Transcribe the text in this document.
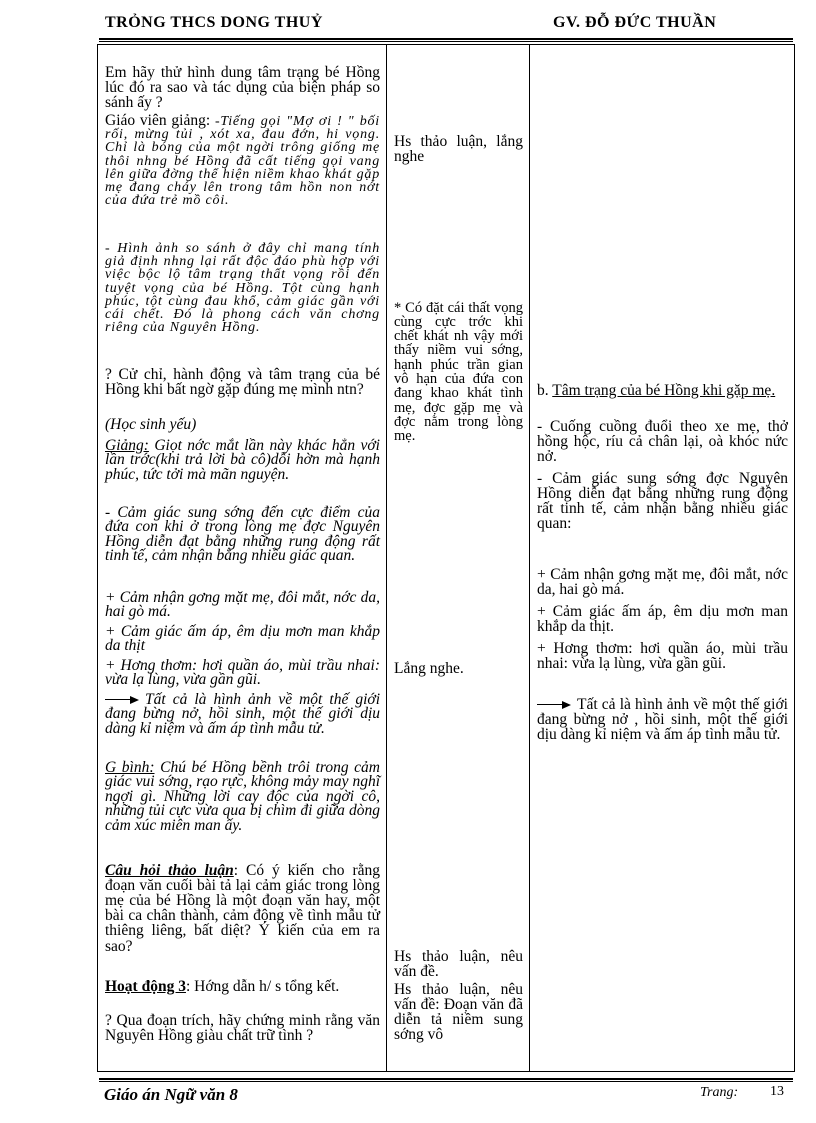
TRỎNG THCS DONG THUỶ	GV. ĐỖ ĐỨC THUẦN

Em hãy thử hình dung tâm trạng bé Hồng lúc đó ra sao và tác dụng của biện pháp so sánh ấy ?

Giáo viên giảng: -Tiếng gọi "Mợ ơi ! " bối rối, mừng tủi , xót xa, đau đớn, hi vọng. Chỉ là bóng của một ngời trông giống mẹ thôi nhng bé Hồng đã cất tiếng gọi vang lên giữa đờng thể hiện niềm khao khát gặp mẹ đang cháy lên trong tâm hồn non nớt của đứa trẻ mồ côi.

- Hình ảnh so sánh ở đây chỉ mang tính giả định nhng lại rất độc đáo phù hợp với việc bộc lộ tâm trạng thất vọng rồi đến tuyệt vọng của bé Hồng. Tột cùng hạnh phúc, tột cùng đau khổ, cảm giác gần với cái chết. Đó là phong cách văn chơng riêng của Nguyên Hồng.

? Cử chỉ, hành động và tâm trạng của bé Hồng khi bất ngờ gặp đúng mẹ mình ntn?

(Học sinh yếu)

Giảng: Giọt nớc mắt lần này khác hẳn với lần trớc(khi trả lời bà cô)dỗi hờn mà hạnh phúc, tức tởi mà mãn nguyện.

- Cảm giác sung sớng đến cực điểm của đứa con khi ở trong lòng mẹ đợc Nguyên Hồng diễn đạt bằng những rung động rất tinh tế, cảm nhận bằng nhiều giác quan.

+ Cảm nhận gơng mặt mẹ, đôi mắt, nớc da, hai gò má.

+ Cảm giác ấm áp, êm dịu mơn man khắp da thịt

+ Hơng thơm: hơi quần áo, mùi trầu nhai: vừa lạ lùng, vừa gần gũi.

Tất cả là hình ảnh về một thế giới đang bừng nở, hồi sinh, một thế giới dịu dàng kỉ niệm và ấm áp tình mẫu tử.

G bình: Chú bé Hồng bềnh trôi trong cảm giác vui sớng, rạo rực, không mảy may nghĩ ngợi gì. Những lời cay độc của ngời cô, những tủi cực vừa qua bị chìm đi giữa dòng cảm xúc miên man ấy.

Câu hỏi thảo luận: Có ý kiến cho rằng đoạn văn cuối bài tả lại cảm giác trong lòng mẹ của bé Hồng là một đoạn văn hay, một bài ca chân thành, cảm động về tình mẫu tử thiêng liêng, bất diệt? Ý kiến của em ra sao?

Hoạt động 3: Hớng dẫn h/ s tổng kết.

? Qua đoạn trích, hãy chứng minh rằng văn Nguyên Hồng giàu chất trữ tình ?

Hs thảo luận, lắng nghe

* Có đặt cái thất vọng cùng cực trớc khi chết khát nh vậy mới thấy niềm vui sớng, hạnh phúc trần gian vô hạn của đứa con đang khao khát tình mẹ, đợc gặp mẹ và đợc nằm trong lòng mẹ.

Lắng nghe.

Hs thảo luận, nêu vấn đề.

Hs thảo luận, nêu vấn đề: Đoạn văn đã diễn tả niềm sung sớng vô

b. Tâm trạng của bé Hồng khi gặp mẹ.

- Cuống cuồng đuổi theo xe mẹ, thở hồng hộc, ríu cả chân lại, oà khóc nức nở.

- Cảm giác sung sớng đợc Nguyên Hồng diễn đạt bằng những rung động rất tinh tế, cảm nhận bằng nhiều giác quan:

+ Cảm nhận gơng mặt mẹ, đôi mắt, nớc da, hai gò má.

+ Cảm giác ấm áp, êm dịu mơn man khắp da thịt.

+ Hơng thơm: hơi quần áo, mùi trầu nhai: vừa lạ lùng, vừa gần gũi.

Tất cả là hình ảnh về một thế giới đang bừng nở , hồi sinh, một thế giới dịu dàng kỉ niệm và ấm áp tình mẫu tử.

Giáo án Ngữ văn 8	Trang: 13
